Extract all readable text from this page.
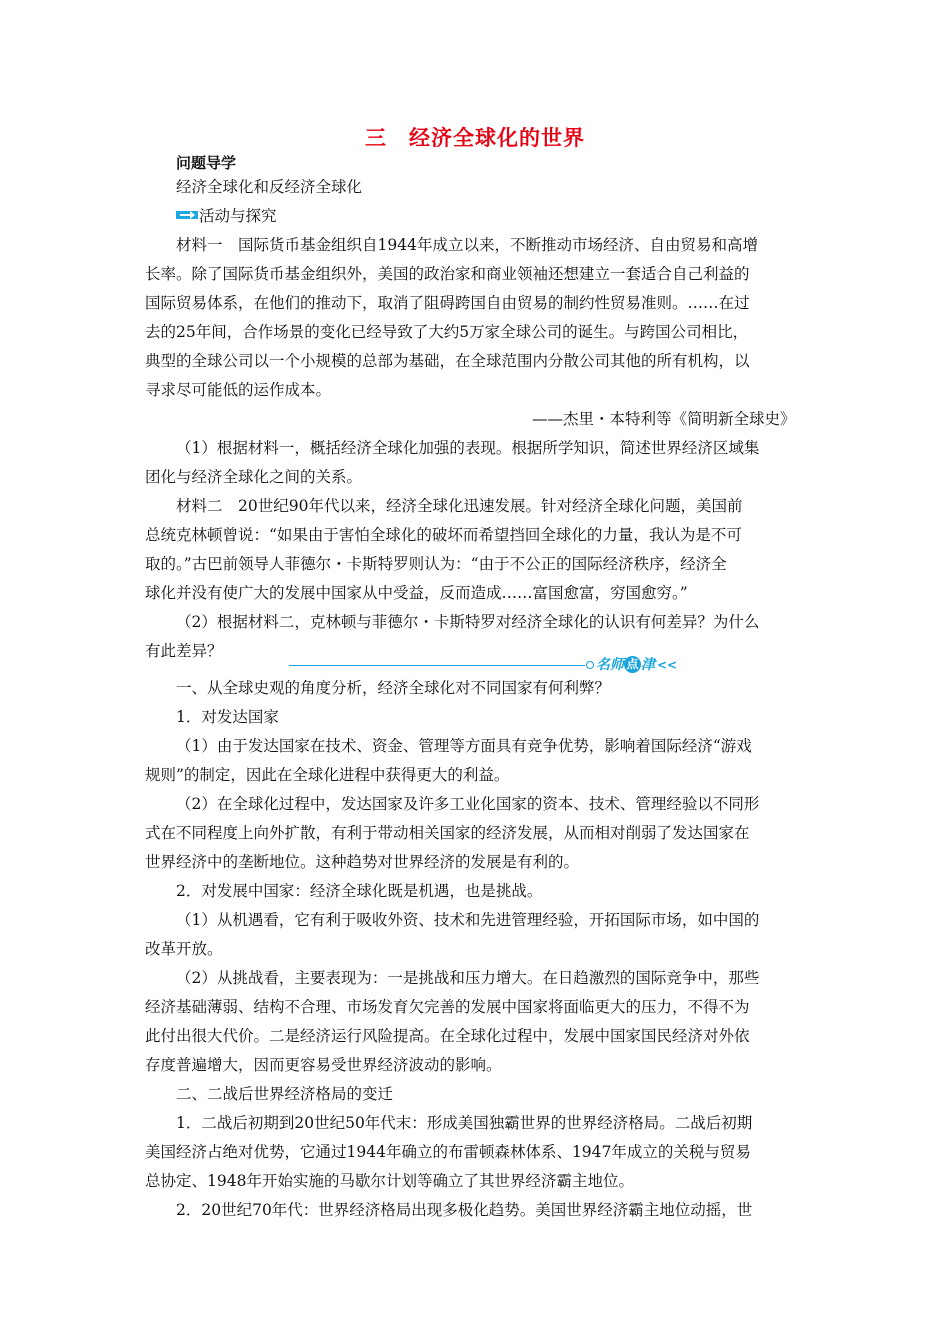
三　经济全球化的世界
问题导学
经济全球化和反经济全球化
活动与探究
材料一　国际货币基金组织自1944年成立以来，不断推动市场经济、自由贸易和高增
长率。除了国际货币基金组织外，美国的政治家和商业领袖还想建立一套适合自己利益的
国际贸易体系，在他们的推动下，取消了阻碍跨国自由贸易的制约性贸易准则。……在过
去的25年间，合作场景的变化已经导致了大约5万家全球公司的诞生。与跨国公司相比，
典型的全球公司以一个小规模的总部为基础，在全球范围内分散公司其他的所有机构，以
寻求尽可能低的运作成本。
——杰里・本特利等《简明新全球史》
（1）根据材料一，概括经济全球化加强的表现。根据所学知识，简述世界经济区域集
团化与经济全球化之间的关系。
材料二　20世纪90年代以来，经济全球化迅速发展。针对经济全球化问题，美国前
总统克林顿曾说：“如果由于害怕全球化的破坏而希望挡回全球化的力量，我认为是不可
取的。”古巴前领导人菲德尔・卡斯特罗则认为：“由于不公正的国际经济秩序，经济全
球化并没有使广大的发展中国家从中受益，反而造成……富国愈富，穷国愈穷。”
（2）根据材料二，克林顿与菲德尔・卡斯特罗对经济全球化的认识有何差异？为什么
有此差异？
名师 点 津 <<
一、从全球史观的角度分析，经济全球化对不同国家有何利弊？
1．对发达国家
（1）由于发达国家在技术、资金、管理等方面具有竞争优势，影响着国际经济“游戏
规则”的制定，因此在全球化进程中获得更大的利益。
（2）在全球化过程中，发达国家及许多工业化国家的资本、技术、管理经验以不同形
式在不同程度上向外扩散，有利于带动相关国家的经济发展，从而相对削弱了发达国家在
世界经济中的垄断地位。这种趋势对世界经济的发展是有利的。
2．对发展中国家：经济全球化既是机遇，也是挑战。
（1）从机遇看，它有利于吸收外资、技术和先进管理经验，开拓国际市场，如中国的
改革开放。
（2）从挑战看，主要表现为：一是挑战和压力增大。在日趋激烈的国际竞争中，那些
经济基础薄弱、结构不合理、市场发育欠完善的发展中国家将面临更大的压力，不得不为
此付出很大代价。二是经济运行风险提高。在全球化过程中，发展中国家国民经济对外依
存度普遍增大，因而更容易受世界经济波动的影响。
二、二战后世界经济格局的变迁
1．二战后初期到20世纪50年代末：形成美国独霸世界的世界经济格局。二战后初期
美国经济占绝对优势，它通过1944年确立的布雷顿森林体系、1947年成立的关税与贸易
总协定、1948年开始实施的马歇尔计划等确立了其世界经济霸主地位。
2．20世纪70年代：世界经济格局出现多极化趋势。美国世界经济霸主地位动摇，世
